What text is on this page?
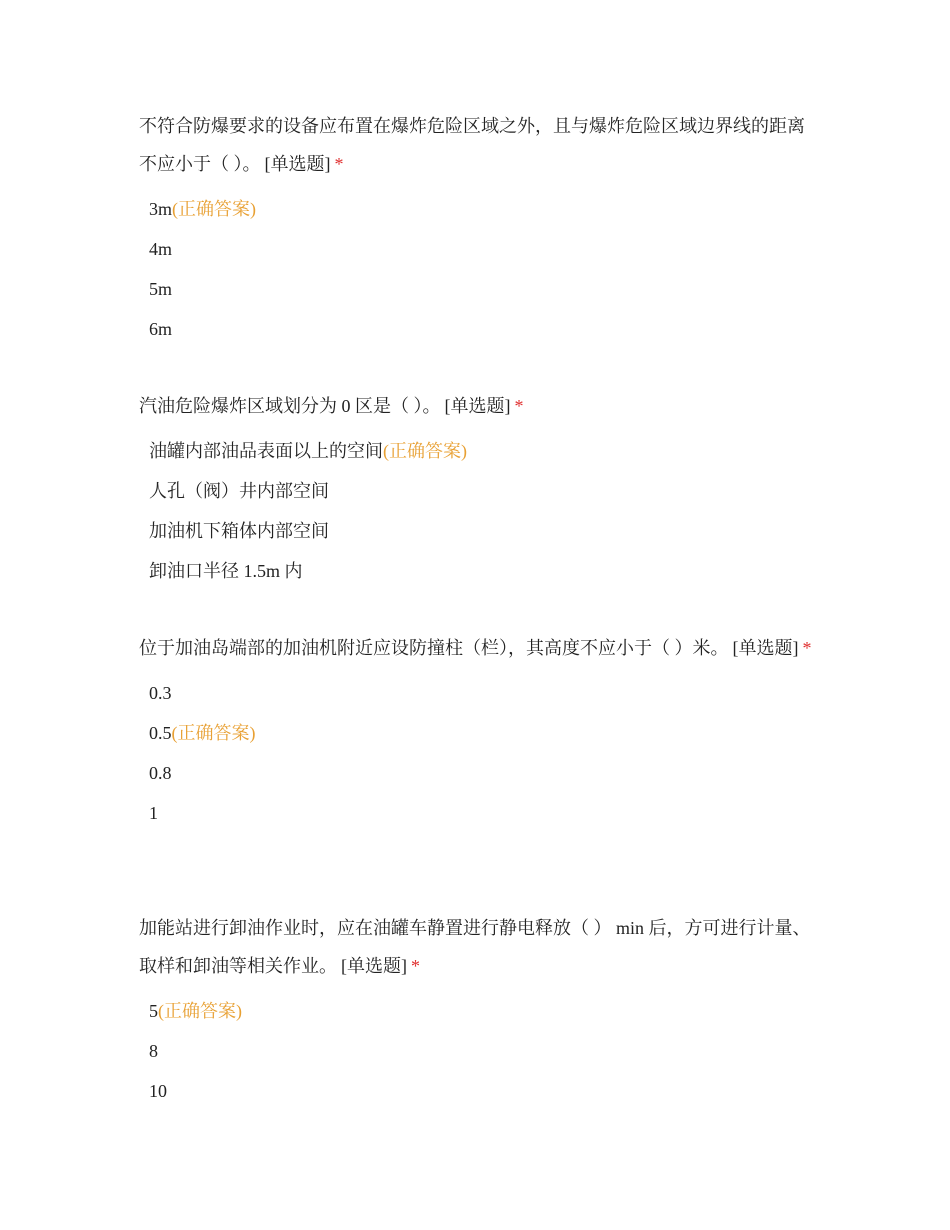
不符合防爆要求的设备应布置在爆炸危险区域之外，且与爆炸危险区域边界线的距离不应小于（ ）。 [单选题] *

3m(正确答案)
4m
5m
6m

汽油危险爆炸区域划分为 0 区是（ ）。 [单选题] *

油罐内部油品表面以上的空间(正确答案)
人孔（阀）井内部空间
加油机下箱体内部空间
卸油口半径 1.5m 内

位于加油岛端部的加油机附近应设防撞柱（栏），其高度不应小于（ ）米。 [单选题] *

0.3
0.5(正确答案)
0.8
1

加能站进行卸油作业时，应在油罐车静置进行静电释放（ ） min 后，方可进行计量、取样和卸油等相关作业。 [单选题] *

5(正确答案)
8
10
